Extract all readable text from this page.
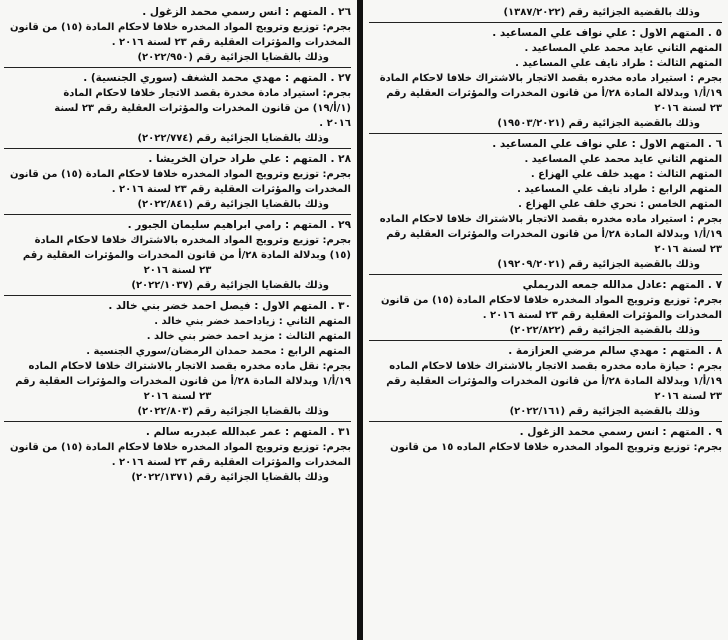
وذلك بالقضية الجزائية رقم (١٣٨٧/٢٠٢٢)
٥ . المتهم الاول : علي نواف علي المساعيد .
المتهم الثاني عايد محمد علي المساعيد .
المتهم الثالث : طراد نايف علي المساعيد .
بجرم : استيراد ماده مخدره بقصد الاتجار بالاشتراك خلافا لاحكام المادة
١٩/أ/١ وبدلالة المادة ٢٨/أ من قانون المخدرات والمؤثرات العقلية رقم
٢٣ لسنة ٢٠١٦
وذلك بالقضية الجزائية رقم (١٩٥٠٣/٢٠٢١)
٦ . المتهم الاول : علي نواف علي المساعيد .
المتهم الثاني عايد محمد علي المساعيد .
المتهم الثالث : مهيد خلف علي الهزاع .
المتهم الرابع : طراد نايف علي المساعيد .
المتهم الخامس : نحري خلف علي الهزاع .
بجرم : استيراد ماده مخدره بقصد الاتجار بالاشتراك خلافا لاحكام الماده
١٩/أ/١ وبدلالة المادة ٢٨/أ من قانون المخدرات والمؤثرات العقلية رقم
٢٣ لسنة ٢٠١٦
وذلك بالقضية الجزائية رقم (١٩٢٠٩/٢٠٢١)
٧ . المتهم :عادل مدالله جمعه الدريملي
بجرم: توزيع وترويج المواد المخدره خلافا لاحكام المادة (١٥) من قانون
المخدرات والمؤثرات العقلية رقم ٢٣ لسنة ٢٠١٦ .
وذلك بالقضية الجزائية رقم (٢٠٢٢/٨٢٢)
٨ . المتهم : مهدي سالم مرضي العزازمة .
بجرم : حيازة ماده مخدره بقصد الاتجار بالاشتراك خلافا لاحكام الماده
١٩/أ/١ وبدلالة المادة ٢٨/أ من قانون المخدرات والمؤثرات العقلية رقم
٢٣ لسنة ٢٠١٦
وذلك بالقضية الجزائية رقم (٢٠٢٢/١٦١)
٩ . المتهم : انس رسمي محمد الزغول .
بجرم: توزيع وترويج المواد المخدره خلافا لاحكام الماده ١٥ من قانون
٢٦ . المتهم : انس رسمي محمد الزغول .
بجرم: توزيع وترويج المواد المخدره خلافا لاحكام المادة (١٥) من قانون
المخدرات والمؤثرات العقلية رقم ٢٣ لسنة ٢٠١٦ .
وذلك بالقضايا الجزائية رقم (٢٠٢٢/٩٥٠)
٢٧ . المتهم : مهدي محمد الشغف (سوري الجنسية) .
بجرم: استيراد مادة مخدرة بقصد الاتجار خلافا لاحكام المادة
(١/أ/١٩) من قانون المخدرات والمؤثرات العقلية رقم ٢٣ لسنة
٢٠١٦ .
وذلك بالقضايا الجزائية رقم (٢٠٢٢/٧٧٤)
٢٨ . المتهم : علي طراد حران الخريشا .
بجرم: توزيع وترويج المواد المخدره خلافا لاحكام المادة (١٥) من قانون
المخدرات والمؤثرات العقلية رقم ٢٣ لسنة ٢٠١٦ .
وذلك بالقضايا الجزائية رقم (٢٠٢٢/٨٤١)
٢٩ . المتهم : رامي ابراهيم سليمان الجبور .
بجرم: توزيع وترويج المواد المخدره بالاشتراك خلافا لاحكام المادة
(١٥) وبدلالة المادة ٢٨/أ من قانون المخدرات والمؤثرات العقلية رقم
٢٣ لسنة ٢٠١٦
وذلك بالقضايا الجزائية رقم (٢٠٢٢/١٠٣٧)
٣٠ . المتهم الاول : فيصل احمد خضر بني خالد .
المتهم الثاني : زياداحمد خضر بني خالد .
المتهم الثالث : مزيد احمد خضر بني خالد .
المتهم الرابع : محمد حمدان الرمضان/سوري الجنسية .
بجرم: نقل ماده مخدره بقصد الاتجار بالاشتراك خلافا لاحكام الماده
١٩/أ/١ وبدلالة المادة ٢٨/أ من قانون المخدرات والمؤثرات العقلية رقم
٢٣ لسنة ٢٠١٦
وذلك بالقضايا الجزائية رقم (٢٠٢٢/٨٠٣)
٣١ . المتهم : عمر عبدالله عبدربه سالم .
بجرم: توزيع وترويج المواد المخدره خلافا لاحكام المادة (١٥) من قانون
المخدرات والمؤثرات العقلية رقم ٢٣ لسنة ٢٠١٦ .
وذلك بالقضايا الجزائية رقم (٢٠٢٢/١٣٧١)
